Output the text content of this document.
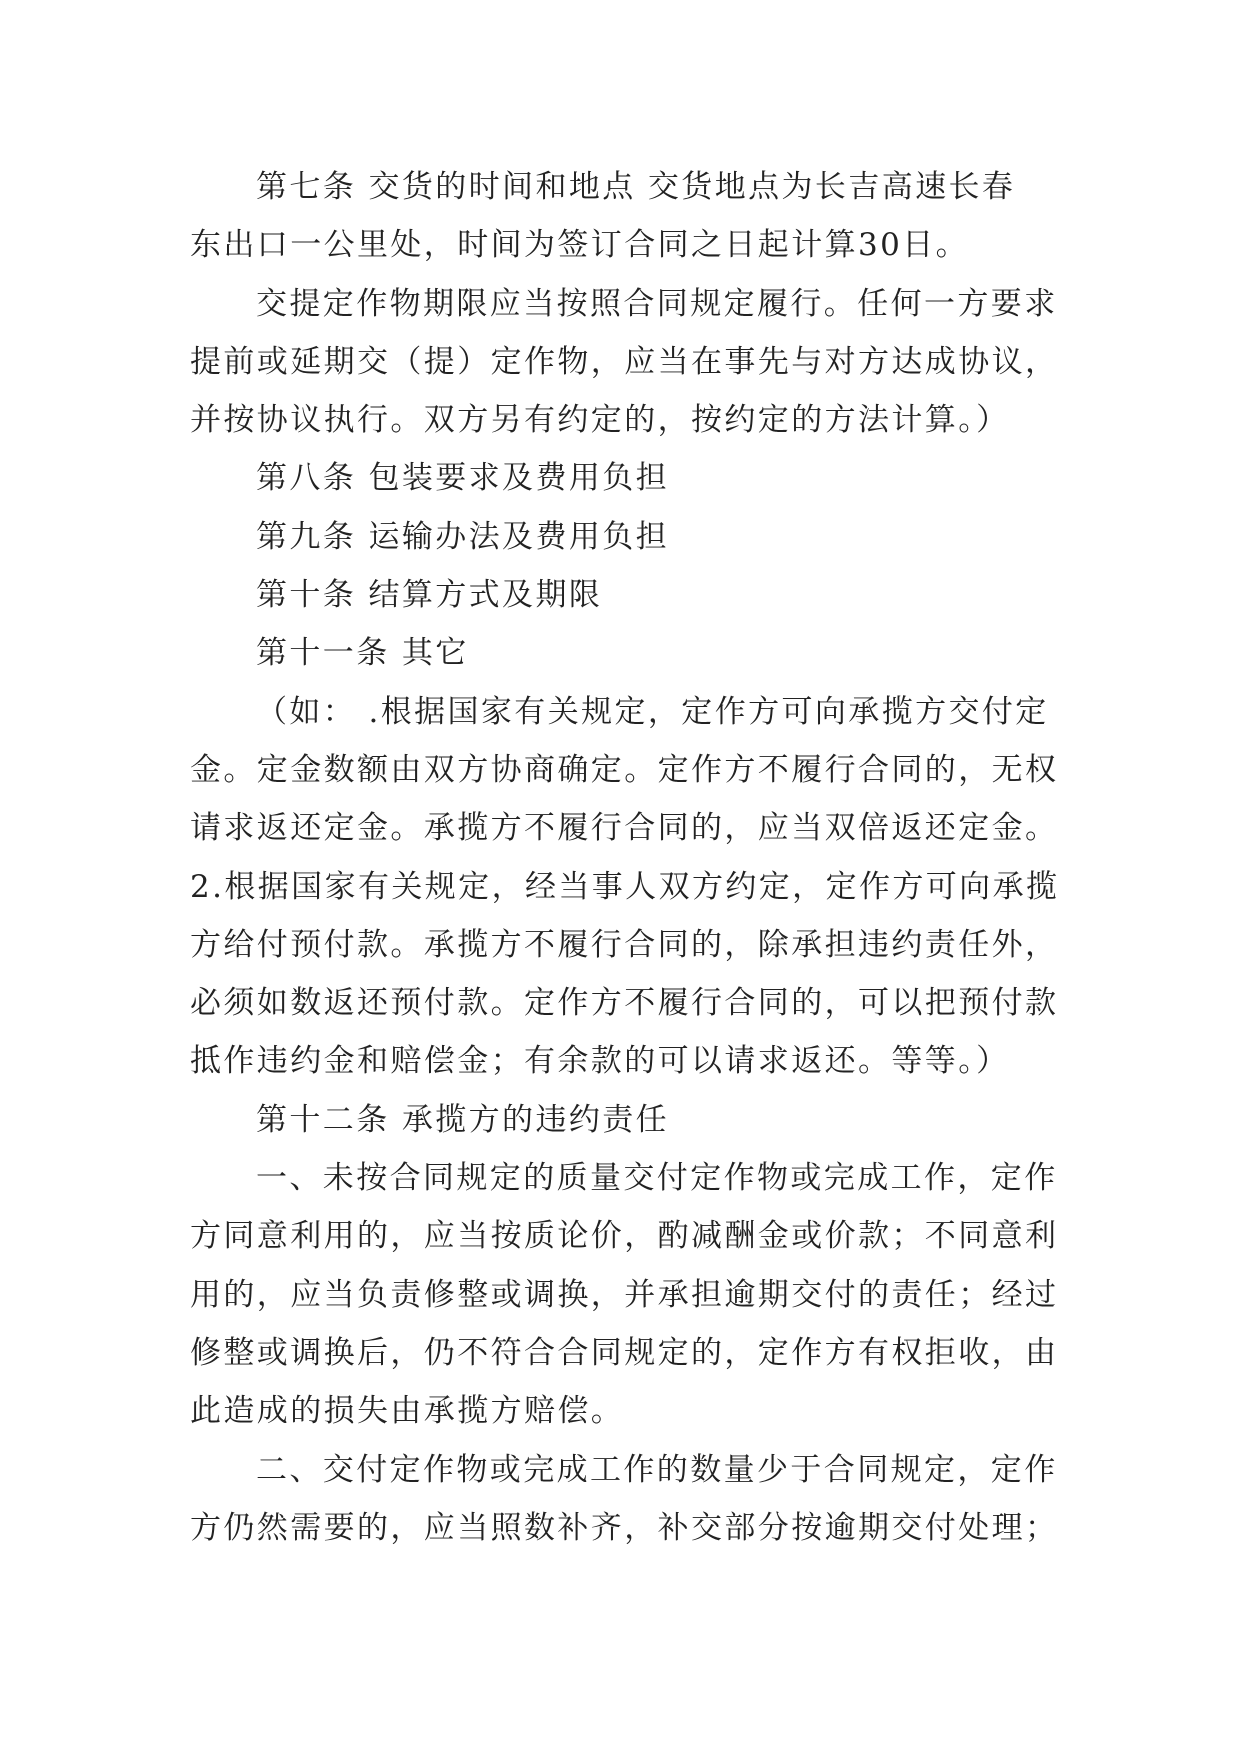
第七条 交货的时间和地点 交货地点为长吉高速长春
东出口一公里处，时间为签订合同之日起计算30日。
交提定作物期限应当按照合同规定履行。任何一方要求
提前或延期交（提）定作物，应当在事先与对方达成协议，
并按协议执行。双方另有约定的，按约定的方法计算。）
第八条 包装要求及费用负担
第九条 运输办法及费用负担
第十条 结算方式及期限
第十一条 其它
（如： .根据国家有关规定，定作方可向承揽方交付定
金。定金数额由双方协商确定。定作方不履行合同的，无权
请求返还定金。承揽方不履行合同的，应当双倍返还定金。
2.根据国家有关规定，经当事人双方约定，定作方可向承揽
方给付预付款。承揽方不履行合同的，除承担违约责任外，
必须如数返还预付款。定作方不履行合同的，可以把预付款
抵作违约金和赔偿金；有余款的可以请求返还。等等。）
第十二条 承揽方的违约责任
一、未按合同规定的质量交付定作物或完成工作，定作
方同意利用的，应当按质论价，酌减酬金或价款；不同意利
用的，应当负责修整或调换，并承担逾期交付的责任；经过
修整或调换后，仍不符合合同规定的，定作方有权拒收，由
此造成的损失由承揽方赔偿。
二、交付定作物或完成工作的数量少于合同规定，定作
方仍然需要的，应当照数补齐，补交部分按逾期交付处理；
